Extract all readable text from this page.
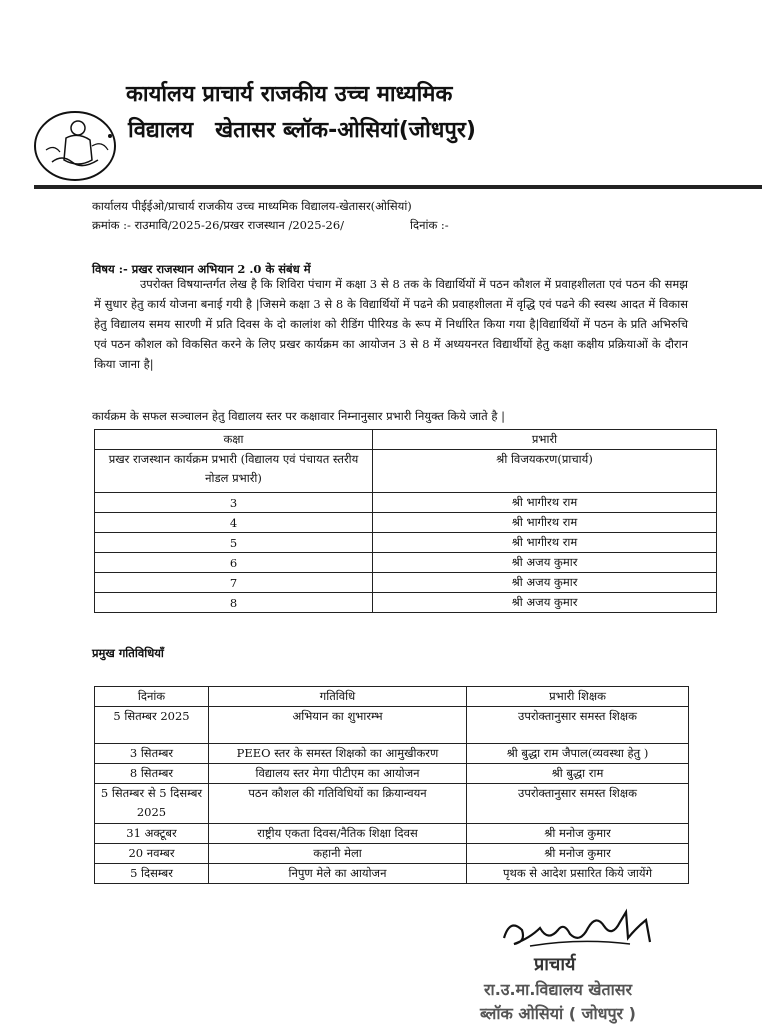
कार्यालय प्राचार्य राजकीय उच्च माध्यमिक
विद्यालय खेतासर ब्लॉक-ओसियां(जोधपुर)
कार्यालय पीईईओ/प्राचार्य राजकीय उच्च माध्यमिक विद्यालय-खेतासर(ओसियां)
क्रमांक :- राउमावि/2025-26/प्रखर राजस्थान /2025-26/	दिनांक :-
विषय :- प्रखर राजस्थान अभियान 2 .0 के संबंध में
उपरोक्त विषयान्तर्गत लेख है कि शिविरा पंचाग में कक्षा 3 से 8 तक के विद्यार्थियों में पठन कौशल में प्रवाहशीलता एवं पठन की समझ में सुधार हेतु कार्य योजना बनाई गयी है |जिसमे कक्षा 3 से 8 के विद्यार्थियों में पढने की प्रवाहशीलता में वृद्धि एवं पढने की स्वस्थ आदत में विकास हेतु विद्यालय समय सारणी में प्रति दिवस के दो कालांश को रीडिंग पीरियड के रूप में निर्धारित किया गया है|विद्यार्थियों में पठन के प्रति अभिरुचि एवं पठन कौशल को विकसित करने के लिए प्रखर कार्यक्रम का आयोजन 3 से 8 में अध्ययनरत विद्यार्थीयों हेतु कक्षा कक्षीय प्रक्रियाओं के दौरान किया जाना है|
कार्यक्रम के सफल सञ्चालन हेतु विद्यालय स्तर पर कक्षावार निम्नानुसार प्रभारी नियुक्त किये जाते है |
कक्षा	प्रभारी
प्रखर राजस्थान कार्यक्रम प्रभारी (विद्यालय एवं पंचायत स्तरीय नोडल प्रभारी)	श्री विजयकरण(प्राचार्य)
3	श्री भागीरथ राम
4	श्री भागीरथ राम
5	श्री भागीरथ राम
6	श्री अजय कुमार
7	श्री अजय कुमार
8	श्री अजय कुमार
प्रमुख गतिविधियाँ
दिनांक	गतिविधि	प्रभारी शिक्षक
5 सितम्बर 2025	अभियान का शुभारम्भ	उपरोक्तानुसार समस्त शिक्षक
3 सितम्बर	PEEO स्तर के समस्त शिक्षको का आमुखीकरण	श्री बुद्धा राम जैपाल(व्यवस्था हेतु )
8 सितम्बर	विद्यालय स्तर मेगा पीटीएम का आयोजन	श्री बुद्धा राम
5 सितम्बर से 5 दिसम्बर 2025	पठन कौशल की गतिविधियों का क्रियान्वयन	उपरोक्तानुसार समस्त शिक्षक
31 अक्टूबर	राष्ट्रीय एकता दिवस/नैतिक शिक्षा दिवस	श्री मनोज कुमार
20 नवम्बर	कहानी मेला	श्री मनोज कुमार
5 दिसम्बर	निपुण मेले का आयोजन	पृथक से आदेश प्रसारित किये जायेंगे
प्राचार्य
रा.उ.मा.विद्यालय खेतासर
ब्लॉक ओसियां ( जोधपुर )
